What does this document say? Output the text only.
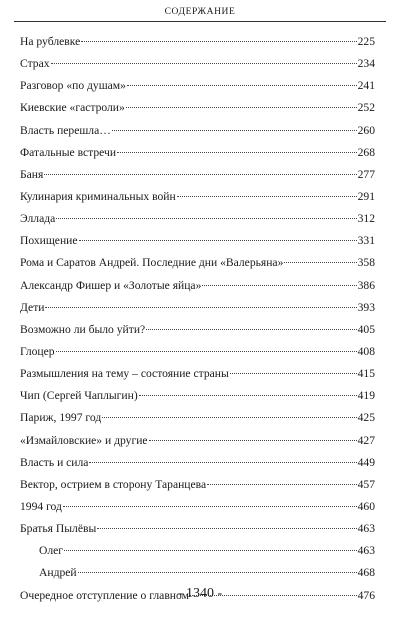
СОДЕРЖАНИЕ
На рублевке	225
Страх	234
Разговор «по душам»	241
Киевские «гастроли»	252
Власть перешла…	260
Фатальные встречи	268
Баня	277
Кулинария криминальных войн	291
Эллада	312
Похищение	331
Рома и Саратов Андрей. Последние дни «Валерьяна»	358
Александр Фишер и «Золотые яйца»	386
Дети	393
Возможно ли было уйти?	405
Глоцер	408
Размышления на тему – состояние страны	415
Чип (Сергей Чаплыгин)	419
Париж, 1997 год	425
«Измайловские» и другие	427
Власть и сила	449
Вектор, острием в сторону Таранцева	457
1994 год	460
Братья Пылёвы	463
Олег	463
Андрей	468
Очередное отступление о главном	476
- 1340 -
